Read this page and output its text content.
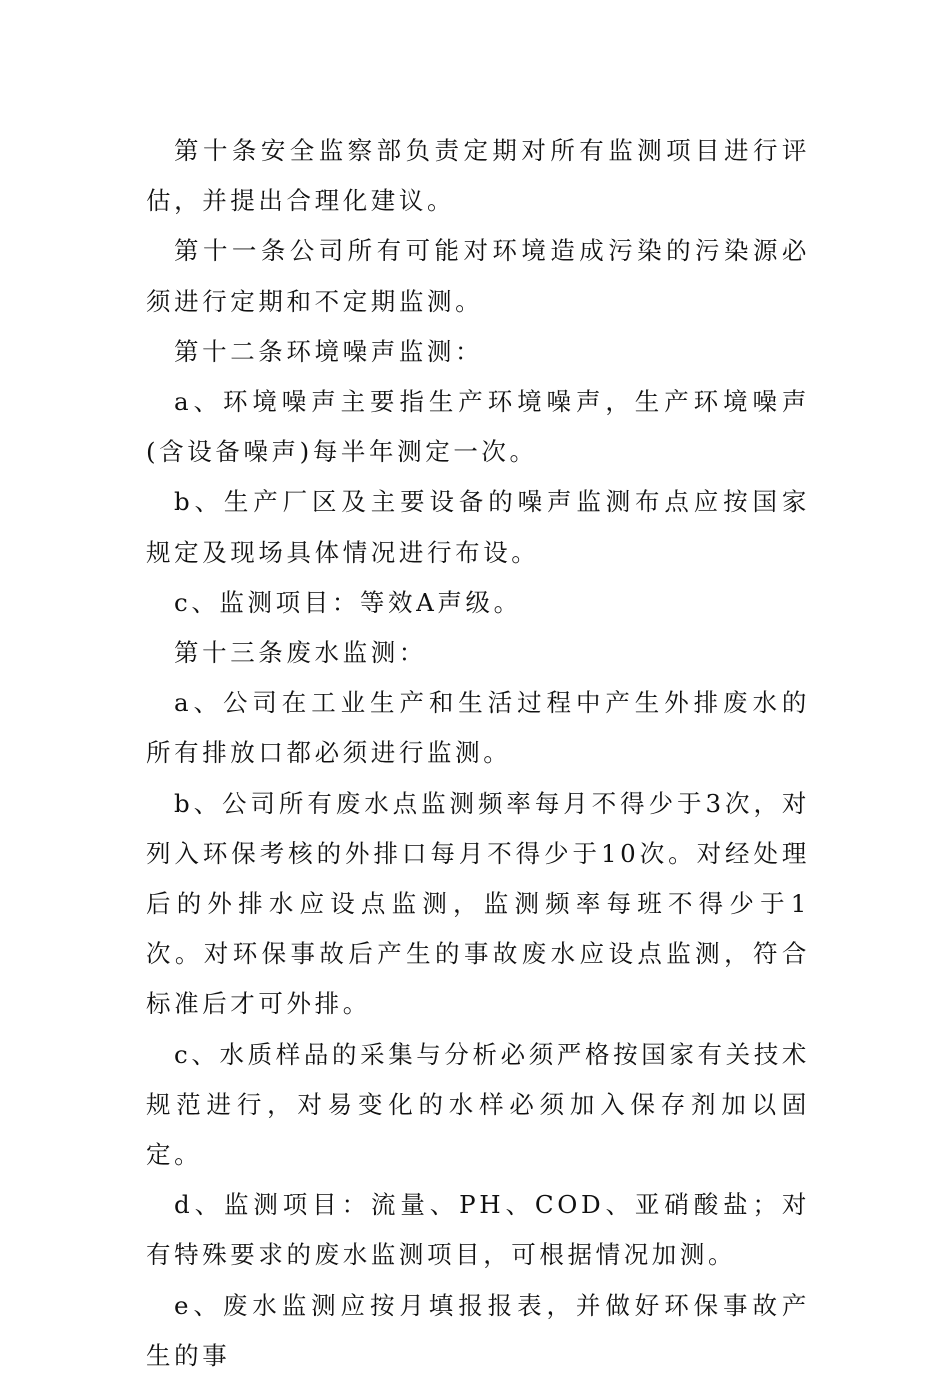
第十条安全监察部负责定期对所有监测项目进行评估，并提出合理化建议。

第十一条公司所有可能对环境造成污染的污染源必须进行定期和不定期监测。

第十二条环境噪声监测：

a、环境噪声主要指生产环境噪声，生产环境噪声(含设备噪声)每半年测定一次。

b、生产厂区及主要设备的噪声监测布点应按国家规定及现场具体情况进行布设。

c、监测项目：等效A声级。

第十三条废水监测：

a、公司在工业生产和生活过程中产生外排废水的所有排放口都必须进行监测。

b、公司所有废水点监测频率每月不得少于3次，对列入环保考核的外排口每月不得少于10次。对经处理后的外排水应设点监测，监测频率每班不得少于1次。对环保事故后产生的事故废水应设点监测，符合标准后才可外排。

c、水质样品的采集与分析必须严格按国家有关技术规范进行，对易变化的水样必须加入保存剂加以固定。

d、监测项目：流量、PH、COD、亚硝酸盐；对有特殊要求的废水监测项目，可根据情况加测。

e、废水监测应按月填报报表，并做好环保事故产生的事
